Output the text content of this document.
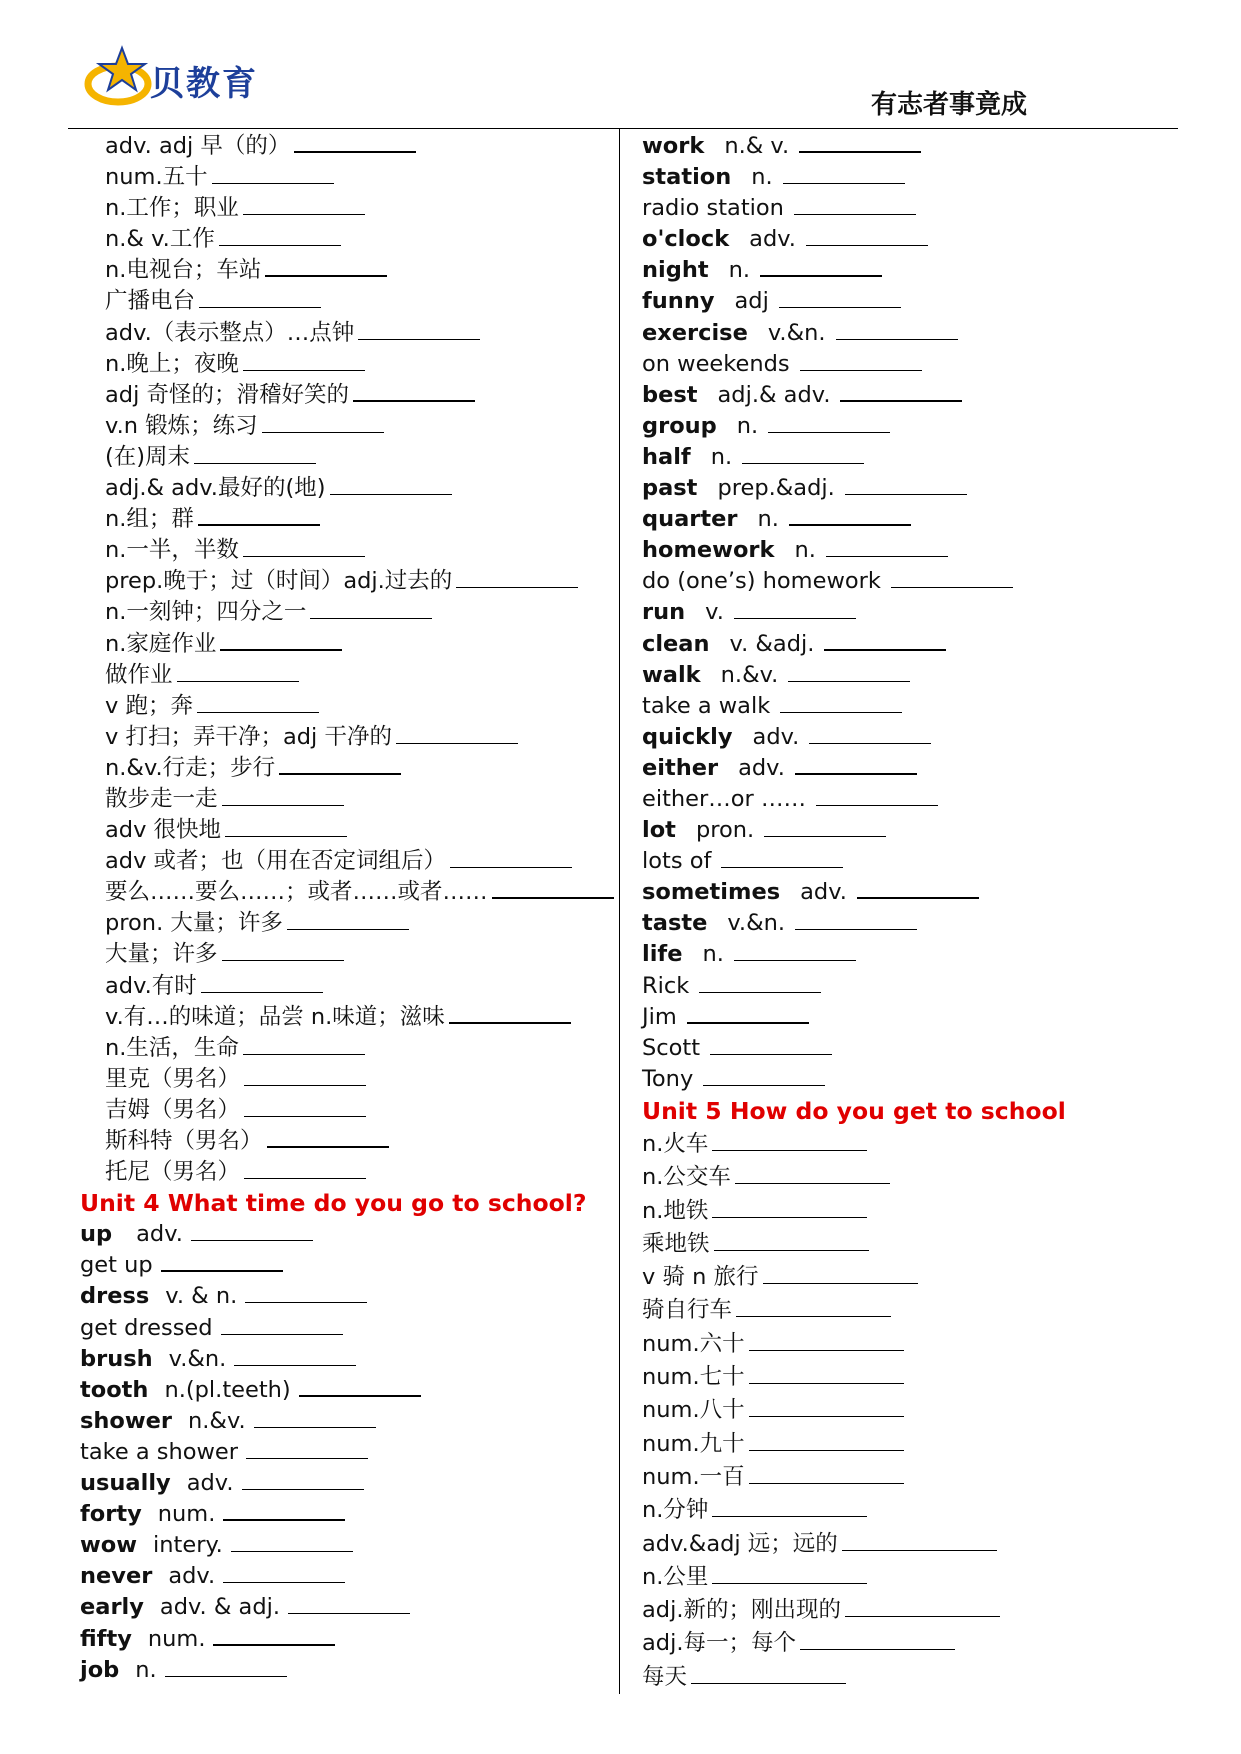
贝教育
有志者事竟成
adv. adj 早（的）
num.五十
n.工作；职业
n.& v.工作
n.电视台；车站
广播电台
adv.（表示整点）…点钟
n.晚上；夜晚
adj 奇怪的；滑稽好笑的
v.n 锻炼；练习
(在)周末
adj.& adv.最好的(地)
n.组；群
n.一半，半数
prep.晚于；过（时间）adj.过去的
n.一刻钟；四分之一
n.家庭作业
做作业
v 跑；奔
v 打扫；弄干净；adj 干净的
n.&v.行走；步行
散步走一走
adv 很快地
adv 或者；也（用在否定词组后）
要么……要么……；或者……或者……
pron. 大量；许多
大量；许多
adv.有时
v.有…的味道；品尝 n.味道；滋味
n.生活，生命
里克（男名）
吉姆（男名）
斯科特（男名）
托尼（男名）
Unit 4 What time do you go to school?
up adv.
get up
dress v. & n.
get dressed
brush v.&n.
tooth n.(pl.teeth)
shower n.&v.
take a shower
usually adv.
forty num.
wow intery.
never adv.
early adv. & adj.
fifty num.
job n.
work n.& v.
station n.
radio station
o'clock adv.
night n.
funny adj
exercise v.&n.
on weekends
best adj.& adv.
group n.
half n.
past prep.&adj.
quarter n.
homework n.
do (one’s) homework
run v.
clean v. &adj.
walk n.&v.
take a walk
quickly adv.
either adv.
either…or ……
lot pron.
lots of
sometimes adv.
taste v.&n.
life n.
Rick
Jim
Scott
Tony
Unit 5 How do you get to school
n.火车
n.公交车
n.地铁
乘地铁
v 骑 n 旅行
骑自行车
num.六十
num.七十
num.八十
num.九十
num.一百
n.分钟
adv.&adj 远；远的
n.公里
adj.新的；刚出现的
adj.每一；每个
每天
